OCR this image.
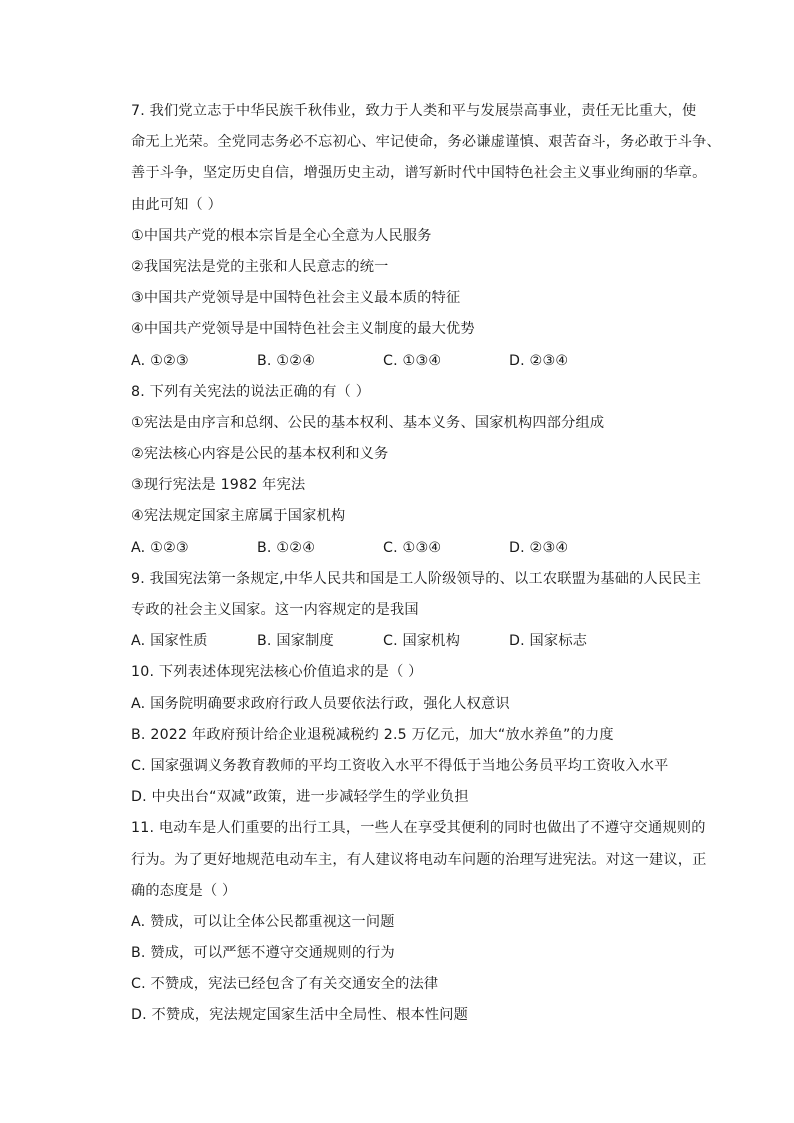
7. 我们党立志于中华民族千秋伟业，致力于人类和平与发展崇高事业，责任无比重大，使
命无上光荣。全党同志务必不忘初心、牢记使命，务必谦虚谨慎、艰苦奋斗，务必敢于斗争、
善于斗争，坚定历史自信，增强历史主动，谱写新时代中国特色社会主义事业绚丽的华章。
由此可知（ ）
①中国共产党的根本宗旨是全心全意为人民服务
②我国宪法是党的主张和人民意志的统一
③中国共产党领导是中国特色社会主义最本质的特征
④中国共产党领导是中国特色社会主义制度的最大优势
A. ①②③	B. ①②④	C. ①③④	D. ②③④
8. 下列有关宪法的说法正确的有（ ）
①宪法是由序言和总纲、公民的基本权利、基本义务、国家机构四部分组成
②宪法核心内容是公民的基本权利和义务
③现行宪法是 1982 年宪法
④宪法规定国家主席属于国家机构
A. ①②③	B. ①②④	C. ①③④	D. ②③④
9. 我国宪法第一条规定,中华人民共和国是工人阶级领导的、以工农联盟为基础的人民民主
专政的社会主义国家。这一内容规定的是我国
A. 国家性质	B. 国家制度	C. 国家机构	D. 国家标志
10. 下列表述体现宪法核心价值追求的是（ ）
A. 国务院明确要求政府行政人员要依法行政，强化人权意识
B. 2022 年政府预计给企业退税减税约 2.5 万亿元，加大“放水养鱼”的力度
C. 国家强调义务教育教师的平均工资收入水平不得低于当地公务员平均工资收入水平
D. 中央出台“双减”政策，进一步减轻学生的学业负担
11. 电动车是人们重要的出行工具，一些人在享受其便利的同时也做出了不遵守交通规则的
行为。为了更好地规范电动车主，有人建议将电动车问题的治理写进宪法。对这一建议，正
确的态度是（ ）
A. 赞成，可以让全体公民都重视这一问题
B. 赞成，可以严惩不遵守交通规则的行为
C. 不赞成，宪法已经包含了有关交通安全的法律
D. 不赞成，宪法规定国家生活中全局性、根本性问题
